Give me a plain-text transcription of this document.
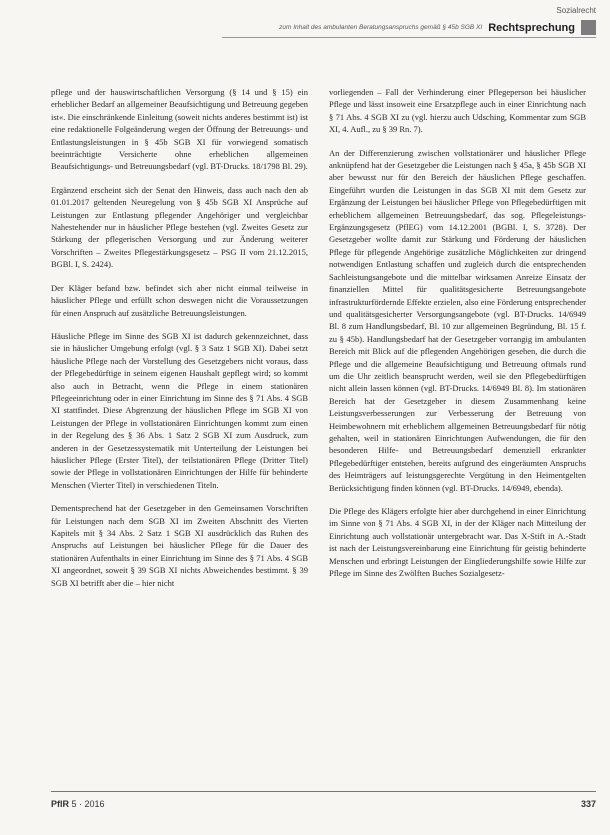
Sozialrecht
zum Inhalt des ambulanten Beratungsanspruchs gemäß § 45b SGB XI Rechtsprechung

pflege und der hauswirtschaftlichen Versorgung (§ 14 und § 15) ein erheblicher Bedarf an allgemeiner Beaufsichtigung und Betreuung gegeben ist«. Die einschränkende Einleitung (soweit nichts anderes bestimmt ist) ist eine redaktionelle Folgeänderung wegen der Öffnung der Betreuungs- und Entlastungsleistungen in § 45b SGB XI für vorwiegend somatisch beeinträchtigte Versicherte ohne erheblichen allgemeinen Beaufsichtigungs- und Betreuungsbedarf (vgl. BT-Drucks. 18/1798 Bl. 29).

Ergänzend erscheint sich der Senat den Hinweis, dass auch nach den ab 01.01.2017 geltenden Neuregelung von § 45b SGB XI Ansprüche auf Leistungen zur Entlastung pflegender Angehöriger und vergleichbar Nahestehender nur in häuslicher Pflege bestehen (vgl. Zweites Gesetz zur Stärkung der pflegerischen Versorgung und zur Änderung weiterer Vorschriften – Zweites Pflegestärkungsgesetz – PSG II vom 21.12.2015, BGBl. I, S. 2424).

Der Kläger befand bzw. befindet sich aber nicht einmal teilweise in häuslicher Pflege und erfüllt schon deswegen nicht die Voraussetzungen für einen Anspruch auf zusätzliche Betreuungsleistungen.

Häusliche Pflege im Sinne des SGB XI ist dadurch gekennzeichnet, dass sie in häuslicher Umgebung erfolgt (vgl. § 3 Satz 1 SGB XI). Dabei setzt häusliche Pflege nach der Vorstellung des Gesetzgebers nicht voraus, dass der Pflegebedürftige in seinem eigenen Haushalt gepflegt wird; so kommt also auch in Betracht, wenn die Pflege in einem stationären Pflegeeinrichtung oder in einer Einrichtung im Sinne des § 71 Abs. 4 SGB XI stattfindet. Diese Abgrenzung der häuslichen Pflege im SGB XI von Leistungen der Pflege in vollstationären Einrichtungen kommt zum einen in der Regelung des § 36 Abs. 1 Satz 2 SGB XI zum Ausdruck, zum anderen in der Gesetzessystematik mit Unterteilung der Leistungen bei häuslicher Pflege (Erster Titel), der teilstationären Pflege (Dritter Titel) sowie der Pflege in vollstationären Einrichtungen der Hilfe für behinderte Menschen (Vierter Titel) in verschiedenen Titeln.

Dementsprechend hat der Gesetzgeber in den Gemeinsamen Vorschriften für Leistungen nach dem SGB XI im Zweiten Abschnitt des Vierten Kapitels mit § 34 Abs. 2 Satz 1 SGB XI ausdrücklich das Ruhen des Anspruchs auf Leistungen bei häuslicher Pflege für die Dauer des stationären Aufenthalts in einer Einrichtung im Sinne des § 71 Abs. 4 SGB XI angeordnet, soweit § 39 SGB XI nichts Abweichendes bestimmt. § 39 SGB XI betrifft aber die – hier nicht

vorliegenden – Fall der Verhinderung einer Pflegeperson bei häuslicher Pflege und lässt insoweit eine Ersatzpflege auch in einer Einrichtung nach § 71 Abs. 4 SGB XI zu (vgl. hierzu auch Udsching, Kommentar zum SGB XI, 4. Aufl., zu § 39 Rn. 7).

An der Differenzierung zwischen vollstationärer und häuslicher Pflege anknüpfend hat der Gesetzgeber die Leistungen nach § 45a, § 45b SGB XI aber bewusst nur für den Bereich der häuslichen Pflege geschaffen. Eingeführt wurden die Leistungen in das SGB XI mit dem Gesetz zur Ergänzung der Leistungen bei häuslicher Pflege von Pflegebedürftigen mit erheblichem allgemeinen Betreuungsbedarf, das sog. Pflegeleistungs-Ergänzungsgesetz (PflEG) vom 14.12.2001 (BGBl. I, S. 3728). Der Gesetzgeber wollte damit zur Stärkung und Förderung der häuslichen Pflege für pflegende Angehörige zusätzliche Möglichkeiten zur dringend notwendigen Entlastung schaffen und zugleich durch die entsprechenden Sachleistungsangebote und die mittelbar wirksamen Anreize Einsatz der finanziellen Mittel für qualitätsgesicherte Betreuungsangebote infrastrukturfördernde Effekte erzielen, also eine Förderung entsprechender und qualitätsgesicherter Versorgungsangebote (vgl. BT-Drucks. 14/6949 Bl. 8 zum Handlungsbedarf, Bl. 10 zur allgemeinen Begründung, Bl. 15 f. zu § 45b). Handlungsbedarf hat der Gesetzgeber vorrangig im ambulanten Bereich mit Blick auf die pflegenden Angehörigen gesehen, die durch die Pflege und die allgemeine Beaufsichtigung und Betreuung oftmals rund um die Uhr zeitlich beansprucht werden, weil sie den Pflegebedürftigen nicht allein lassen können (vgl. BT-Drucks. 14/6949 Bl. 8). Im stationären Bereich hat der Gesetzgeber in diesem Zusammenhang keine Leistungsverbesserungen zur Verbesserung der Betreuung von Heimbewohnern mit erheblichem allgemeinen Betreuungsbedarf für nötig gehalten, weil in stationären Einrichtungen Aufwendungen, die für den besonderen Hilfe- und Betreuungsbedarf demenziell erkrankter Pflegebedürftiger entstehen, bereits aufgrund des eingeräumten Anspruchs des Heimträgers auf leistungsgerechte Vergütung in den Heimentgelten Berücksichtigung finden können (vgl. BT-Drucks. 14/6949, ebenda).

Die Pflege des Klägers erfolgte hier aber durchgehend in einer Einrichtung im Sinne von § 71 Abs. 4 SGB XI, in der der Kläger nach Mitteilung der Einrichtung auch vollstationär untergebracht war. Das X-Stift in A.-Stadt ist nach der Leistungsvereinbarung eine Einrichtung für geistig behinderte Menschen und erbringt Leistungen der Eingliederungshilfe sowie Hilfe zur Pflege im Sinne des Zwölften Buches Sozialgesetz-

PflR 5 · 2016	337
